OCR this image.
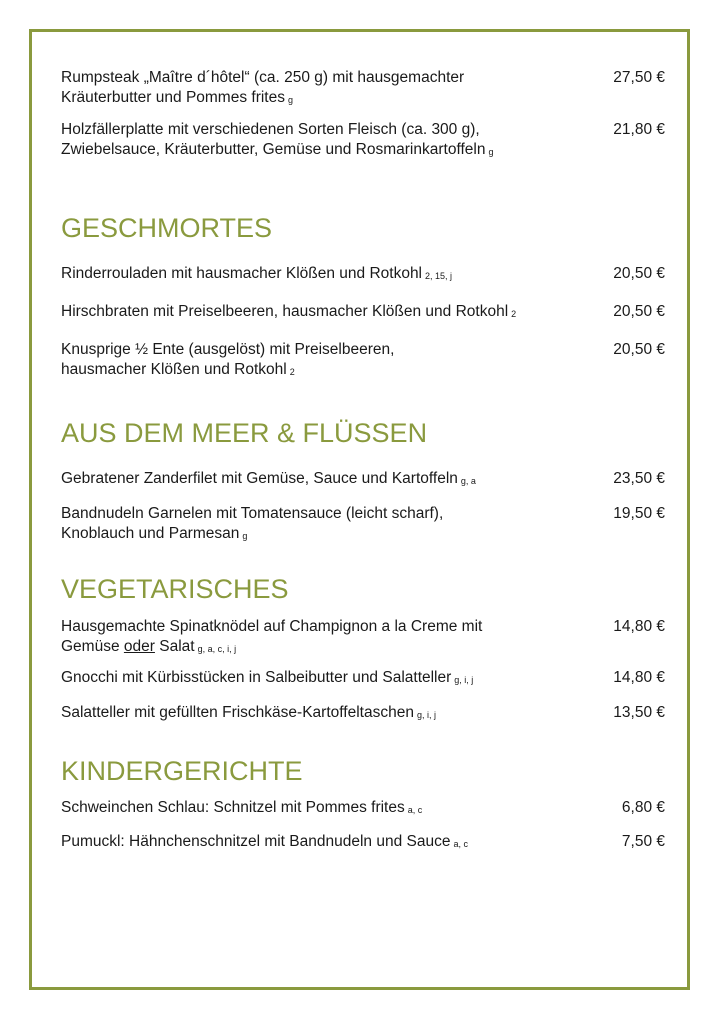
Rumpsteak „Maître d´hôtel“ (ca. 250 g) mit hausgemachter
Kräuterbutter und Pommes frites g
27,50 €
Holzfällerplatte mit verschiedenen Sorten Fleisch (ca. 300 g),
Zwiebelsauce, Kräuterbutter, Gemüse und Rosmarinkartoffeln g
21,80 €
GESCHMORTES
Rinderrouladen mit hausmacher Klößen und Rotkohl 2, 15, j	20,50 €
Hirschbraten mit Preiselbeeren, hausmacher Klößen und Rotkohl 2	20,50 €
Knusprige ½ Ente (ausgelöst) mit Preiselbeeren,
hausmacher Klößen und Rotkohl 2
20,50 €
AUS DEM MEER & FLÜSSEN
Gebratener Zanderfilet mit Gemüse, Sauce und Kartoffeln g, a	23,50 €
Bandnudeln Garnelen mit Tomatensauce (leicht scharf),
Knoblauch und Parmesan g
19,50 €
VEGETARISCHES
Hausgemachte Spinatknödel auf Champignon a la Creme mit
Gemüse oder Salat g, a, c, i, j
14,80 €
Gnocchi mit Kürbisstücken in Salbeibutter und Salatteller g, i, j	14,80 €
Salatteller mit gefüllten Frischkäse-Kartoffeltaschen g, i, j	13,50 €
KINDERGERICHTE
Schweinchen Schlau: Schnitzel mit Pommes frites a, c	6,80 €
Pumuckl: Hähnchenschnitzel mit Bandnudeln und Sauce a, c	7,50 €
